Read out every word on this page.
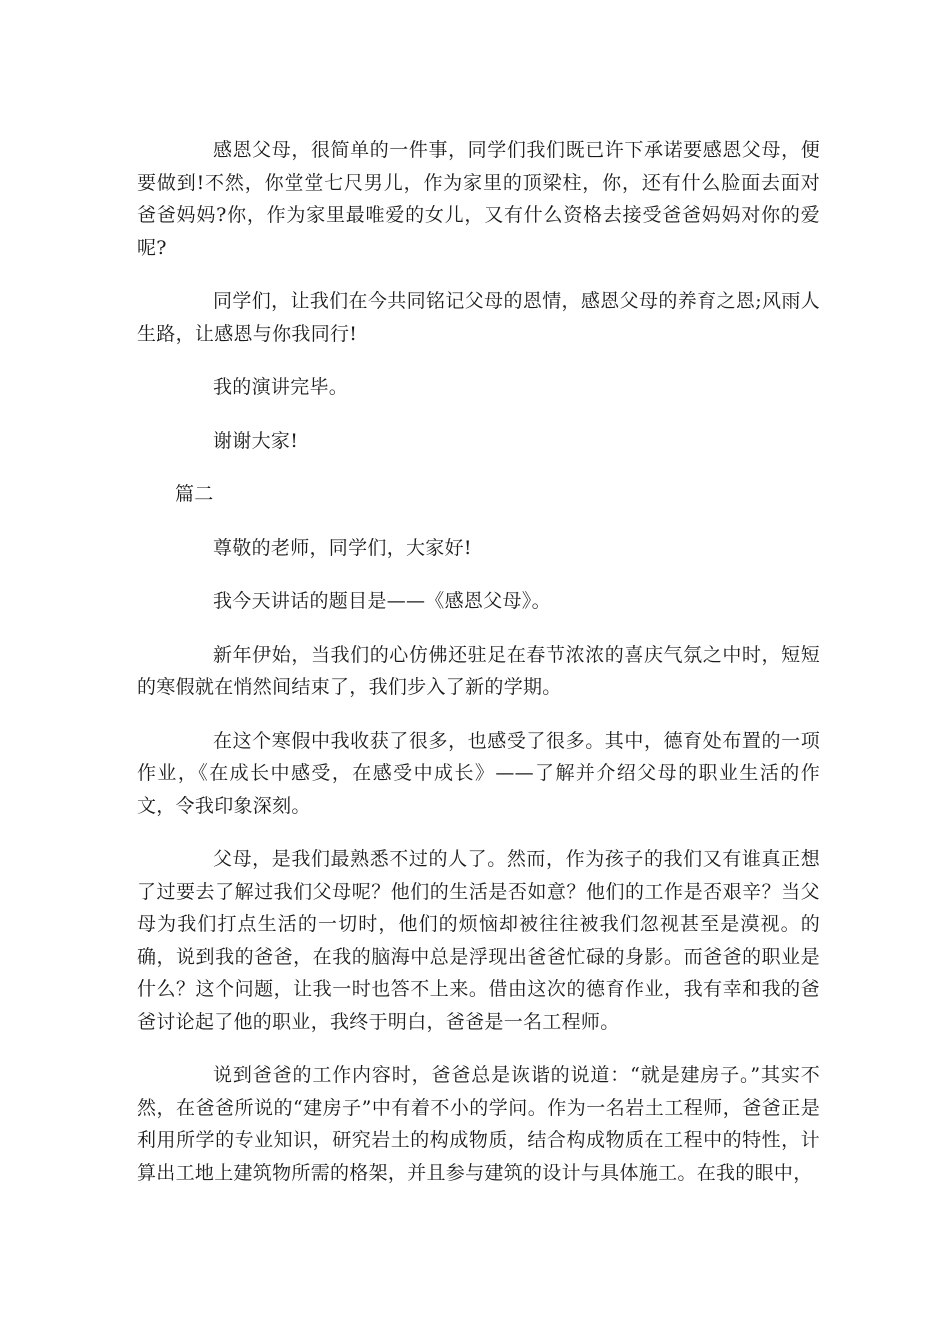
感恩父母，很简单的一件事，同学们我们既已许下承诺要感恩父母，便要做到!不然，你堂堂七尺男儿，作为家里的顶梁柱，你，还有什么脸面去面对爸爸妈妈?你，作为家里最唯爱的女儿，又有什么资格去接受爸爸妈妈对你的爱呢?

同学们，让我们在今共同铭记父母的恩情，感恩父母的养育之恩;风雨人生路，让感恩与你我同行!

我的演讲完毕。

谢谢大家!

篇二

尊敬的老师，同学们，大家好!

我今天讲话的题目是——《感恩父母》。

新年伊始，当我们的心仿佛还驻足在春节浓浓的喜庆气氛之中时，短短的寒假就在悄然间结束了，我们步入了新的学期。

在这个寒假中我收获了很多，也感受了很多。其中，德育处布置的一项作业，《在成长中感受，在感受中成长》——了解并介绍父母的职业生活的作文，令我印象深刻。

父母，是我们最熟悉不过的人了。然而，作为孩子的我们又有谁真正想了过要去了解过我们父母呢？他们的生活是否如意？他们的工作是否艰辛？当父母为我们打点生活的一切时，他们的烦恼却被往往被我们忽视甚至是漠视。的确，说到我的爸爸，在我的脑海中总是浮现出爸爸忙碌的身影。而爸爸的职业是什么？这个问题，让我一时也答不上来。借由这次的德育作业，我有幸和我的爸爸讨论起了他的职业，我终于明白，爸爸是一名工程师。

说到爸爸的工作内容时，爸爸总是诙谐的说道：“就是建房子。”其实不然，在爸爸所说的“建房子”中有着不小的学问。作为一名岩土工程师，爸爸正是利用所学的专业知识，研究岩土的构成物质，结合构成物质在工程中的特性，计算出工地上建筑物所需的格架，并且参与建筑的设计与具体施工。在我的眼中，
